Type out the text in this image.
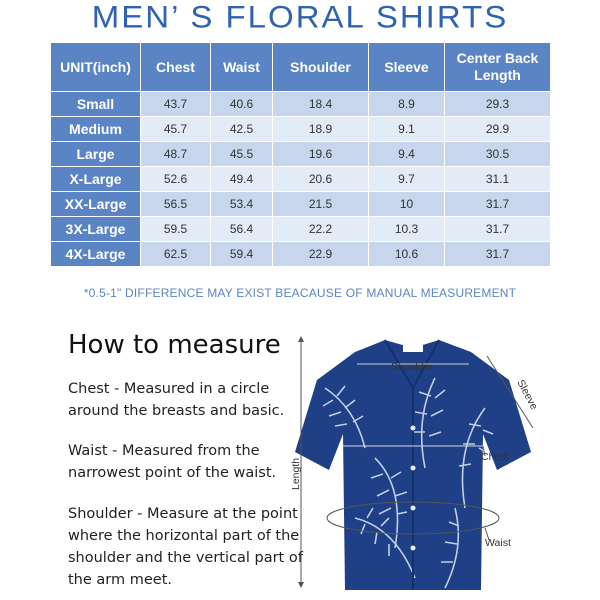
MEN’ S FLORAL SHIRTS
UNIT(inch)	Chest	Waist	Shoulder	Sleeve	Center Back Length
Small	43.7	40.6	18.4	8.9	29.3
Medium	45.7	42.5	18.9	9.1	29.9
Large	48.7	45.5	19.6	9.4	30.5
X-Large	52.6	49.4	20.6	9.7	31.1
XX-Large	56.5	53.4	21.5	10	31.7
3X-Large	59.5	56.4	22.2	10.3	31.7
4X-Large	62.5	59.4	22.9	10.6	31.7
*0.5-1" DIFFERENCE MAY EXIST BEACAUSE OF MANUAL MEASUREMENT
How to measure
Chest - Measured in a circle around the breasts and basic.
Waist - Measured from the narrowest point of the waist.
Shoulder - Measure at the point where the horizontal part of the shoulder and the vertical part of the arm meet.
Length
Shoulder
Sleeve
Chest
Waist
